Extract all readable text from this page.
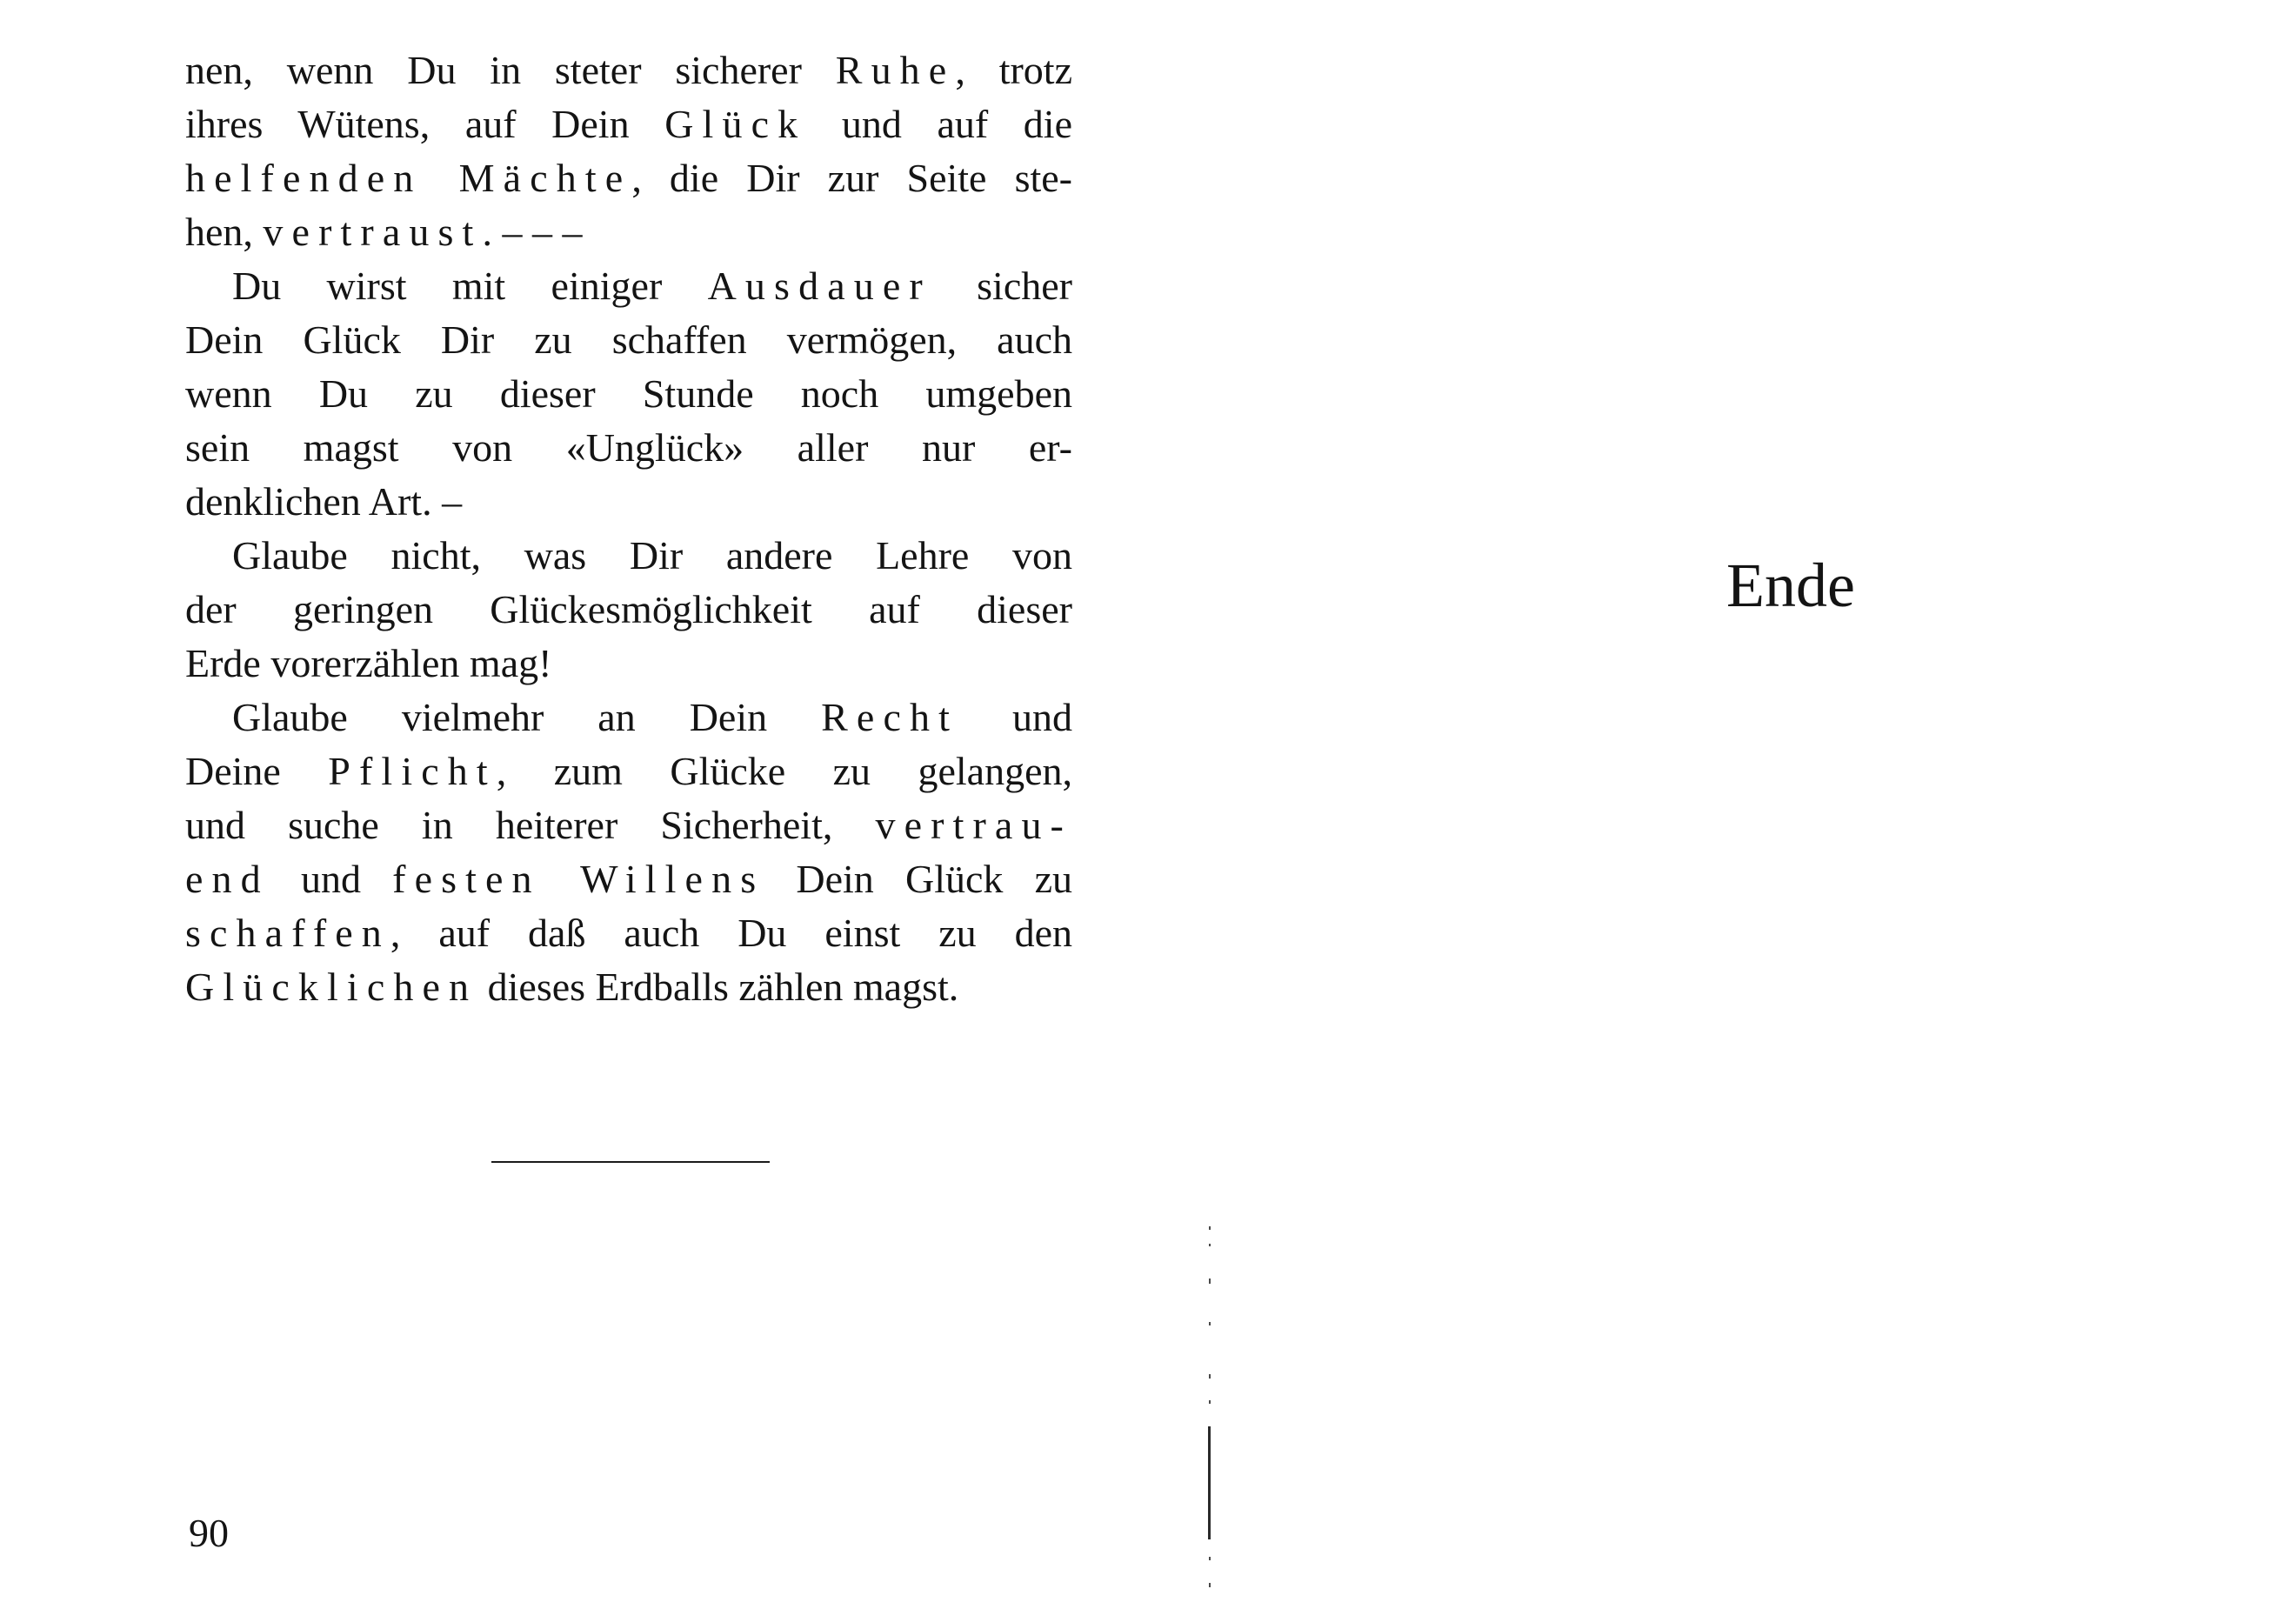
nen, wenn Du in steter sicherer Ruhe, trotz
ihres Wütens, auf Dein Glück und auf die
helfenden Mächte, die Dir zur Seite ste-
hen, vertraust. – – –
Du wirst mit einiger Ausdauer sicher
Dein Glück Dir zu schaffen vermögen, auch
wenn Du zu dieser Stunde noch umgeben
sein magst von «Unglück» aller nur er-
denklichen Art. –
Glaube nicht, was Dir andere Lehre von
der geringen Glückesmöglichkeit auf dieser
Erde vorerzählen mag!
Glaube vielmehr an Dein Recht und
Deine Pflicht, zum Glücke zu gelangen,
und suche in heiterer Sicherheit, vertrau-
end und festen Willens Dein Glück zu
schaffen, auf daß auch Du einst zu den
Glücklichen dieses Erdballs zählen magst.
90
Ende
